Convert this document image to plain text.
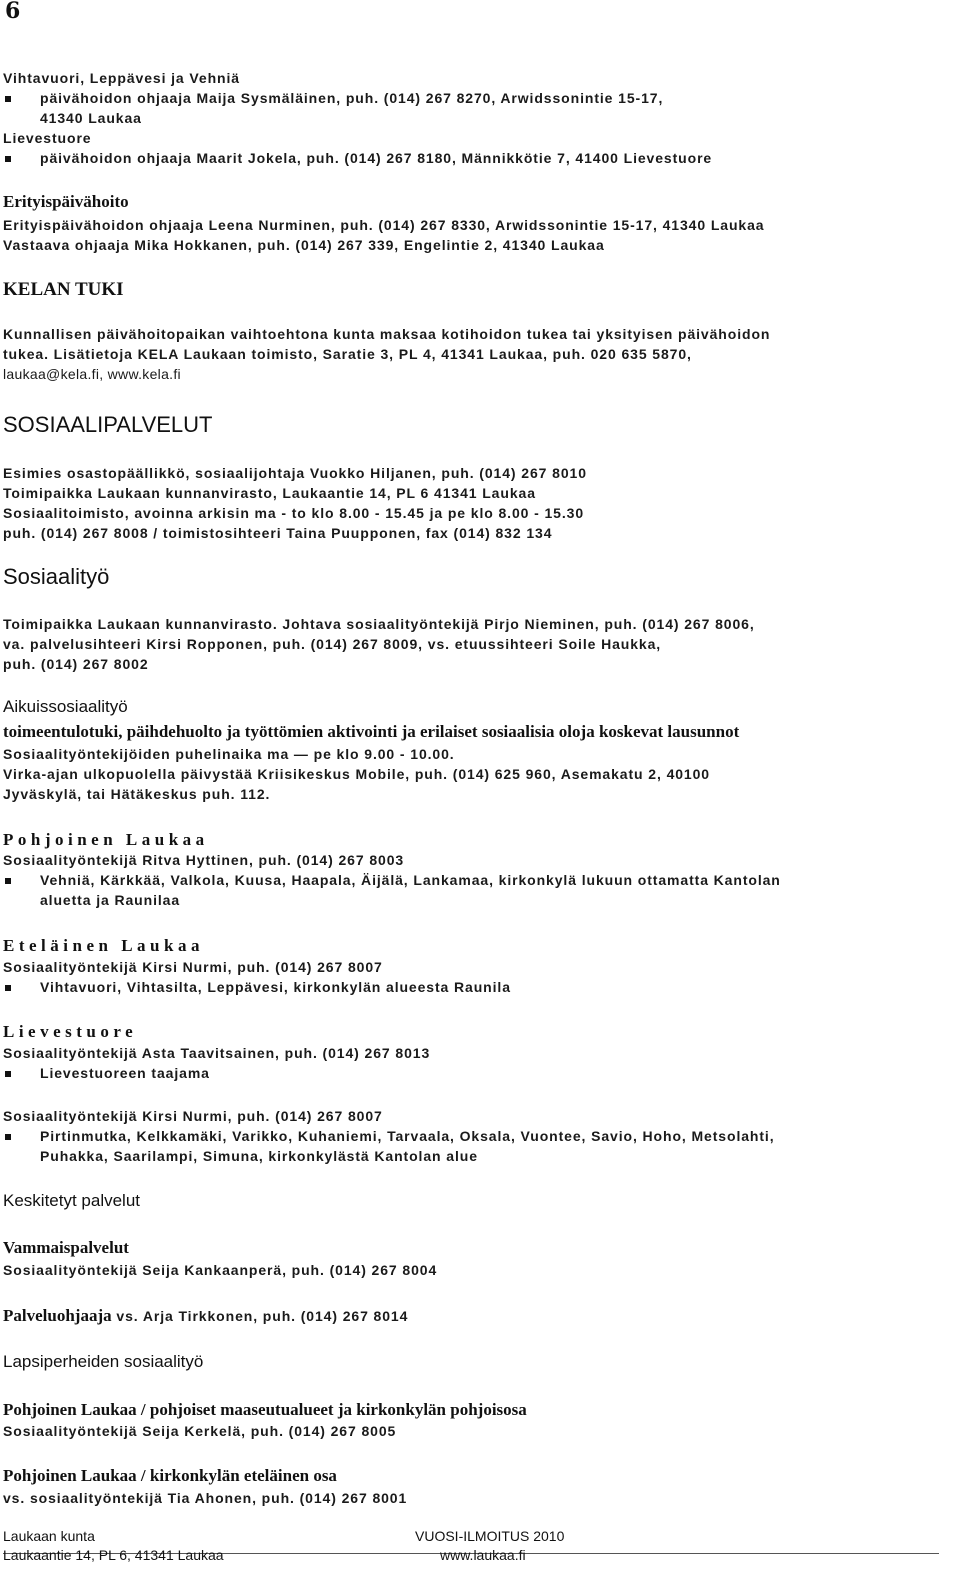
6
Vihtavuori, Leppävesi ja Vehniä
päivähoidon ohjaaja Maija Sysmäläinen, puh. (014) 267 8270, Arwidssonintie 15-17,
41340 Laukaa
Lievestuore
päivähoidon ohjaaja Maarit Jokela, puh. (014) 267 8180, Männikkötie 7, 41400 Lievestuore
Erityispäivähoito
Erityispäivähoidon ohjaaja Leena Nurminen, puh. (014) 267 8330, Arwidssonintie 15-17, 41340 Laukaa
Vastaava ohjaaja Mika Hokkanen, puh. (014) 267 339, Engelintie 2, 41340 Laukaa
KELAN TUKI
Kunnallisen päivähoitopaikan vaihtoehtona kunta maksaa kotihoidon tukea tai yksityisen päivähoidon
tukea. Lisätietoja KELA Laukaan toimisto, Saratie 3, PL 4, 41341 Laukaa, puh. 020 635 5870,
laukaa@kela.fi, www.kela.fi
SOSIAALIPALVELUT
Esimies osastopäällikkö, sosiaalijohtaja Vuokko Hiljanen, puh. (014) 267 8010
Toimipaikka Laukaan kunnanvirasto, Laukaantie 14, PL 6 41341 Laukaa
Sosiaalitoimisto, avoinna arkisin ma - to klo 8.00 - 15.45 ja pe klo 8.00 - 15.30
puh. (014) 267 8008 / toimistosihteeri Taina Puupponen, fax (014) 832 134
Sosiaalityö
Toimipaikka Laukaan kunnanvirasto. Johtava sosiaalityöntekijä Pirjo Nieminen, puh. (014) 267 8006,
va. palvelusihteeri Kirsi Ropponen, puh. (014) 267 8009, vs. etuussihteeri Soile Haukka,
puh. (014) 267 8002
Aikuissosiaalityö
toimeentulotuki, päihdehuolto ja työttömien aktivointi ja erilaiset sosiaalisia oloja koskevat lausunnot
Sosiaalityöntekijöiden puhelinaika ma — pe klo 9.00 - 10.00.
Virka-ajan ulkopuolella päivystää Kriisikeskus Mobile, puh. (014) 625 960, Asemakatu 2, 40100
Jyväskylä, tai Hätäkeskus puh. 112.
Pohjoinen Laukaa
Sosiaalityöntekijä Ritva Hyttinen, puh. (014) 267 8003
Vehniä, Kärkkää, Valkola, Kuusa, Haapala, Äijälä, Lankamaa, kirkonkylä lukuun ottamatta Kantolan
aluetta ja Raunilaa
Eteläinen Laukaa
Sosiaalityöntekijä Kirsi Nurmi, puh. (014) 267 8007
Vihtavuori, Vihtasilta, Leppävesi, kirkonkylän alueesta Raunila
Lievestuore
Sosiaalityöntekijä Asta Taavitsainen, puh. (014) 267 8013
Lievestuoreen taajama
Sosiaalityöntekijä Kirsi Nurmi, puh. (014) 267 8007
Pirtinmutka, Kelkkamäki, Varikko, Kuhaniemi, Tarvaala, Oksala, Vuontee, Savio, Hoho, Metsolahti,
Puhakka, Saarilampi, Simuna, kirkonkylästä Kantolan alue
Keskitetyt palvelut
Vammaispalvelut
Sosiaalityöntekijä Seija Kankaanperä, puh. (014) 267 8004
Palveluohjaaja vs. Arja Tirkkonen, puh. (014) 267 8014
Lapsiperheiden sosiaalityö
Pohjoinen Laukaa / pohjoiset maaseutualueet ja kirkonkylän pohjoisosa
Sosiaalityöntekijä Seija Kerkelä, puh. (014) 267 8005
Pohjoinen Laukaa / kirkonkylän eteläinen osa
vs. sosiaalityöntekijä Tia Ahonen, puh. (014) 267 8001
Laukaan kunta
Laukaantie 14, PL 6, 41341 Laukaa
VUOSI-ILMOITUS 2010
www.laukaa.fi
